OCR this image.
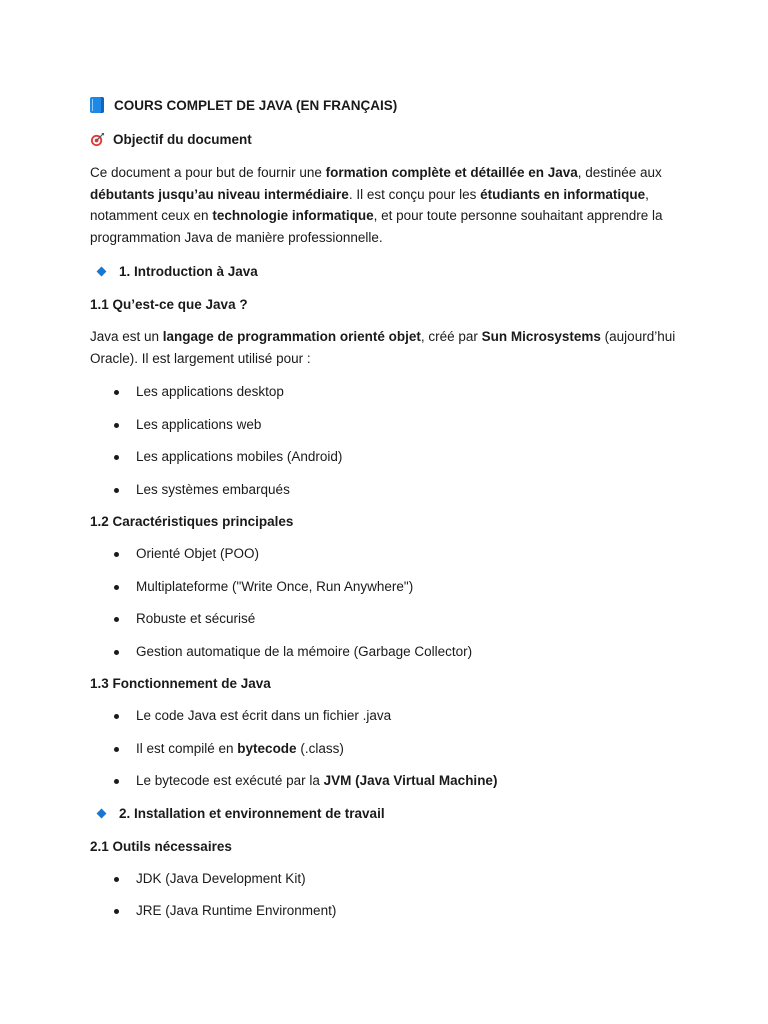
COURS COMPLET DE JAVA (EN FRANÇAIS)
Objectif du document

Ce document a pour but de fournir une formation complète et détaillée en Java, destinée aux débutants jusqu’au niveau intermédiaire. Il est conçu pour les étudiants en informatique, notamment ceux en technologie informatique, et pour toute personne souhaitant apprendre la programmation Java de manière professionnelle.

1. Introduction à Java
1.1 Qu’est-ce que Java ?

Java est un langage de programmation orienté objet, créé par Sun Microsystems (aujourd’hui Oracle). Il est largement utilisé pour :

Les applications desktop
Les applications web
Les applications mobiles (Android)
Les systèmes embarqués
1.2 Caractéristiques principales
Orienté Objet (POO)
Multiplateforme ("Write Once, Run Anywhere")
Robuste et sécurisé
Gestion automatique de la mémoire (Garbage Collector)
1.3 Fonctionnement de Java
Le code Java est écrit dans un fichier .java
Il est compilé en bytecode (.class)
Le bytecode est exécuté par la JVM (Java Virtual Machine)
2. Installation et environnement de travail
2.1 Outils nécessaires
JDK (Java Development Kit)
JRE (Java Runtime Environment)
